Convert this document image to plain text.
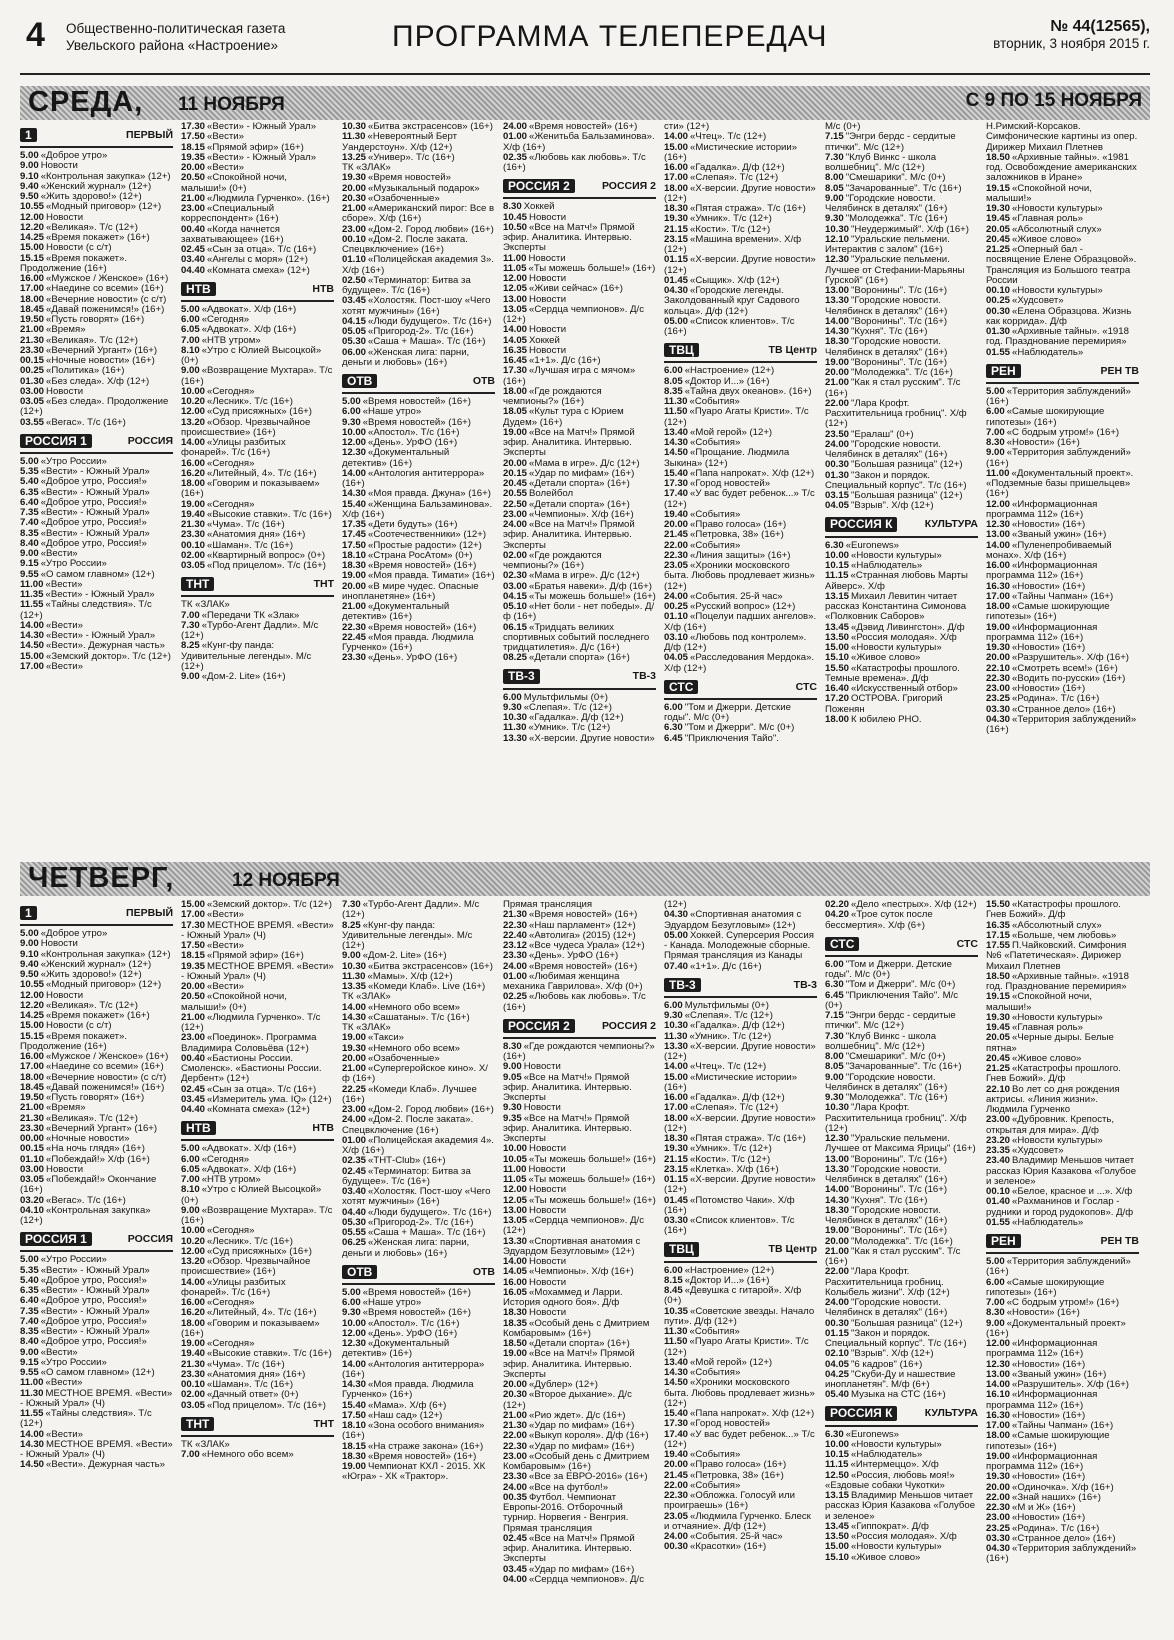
4 Общественно-политическая газета Увельского района «Настроение»	ПРОГРАММА ТЕЛЕПЕРЕДАЧ	№ 44(12565),
вторник, 3 ноября 2015 г.
СРЕДА, 11 НОЯБРЯ	С 9 ПО 15 НОЯБРЯ
1	ПЕРВЫЙ

5.00 «Доброе утро»

9.00 Новости

9.10 «Контрольная закупка» (12+)

9.40 «Женский журнал» (12+)

9.50 «Жить здорово!» (12+)

10.55 «Модный приговор» (12+)

12.00 Новости

12.20 «Великая». Т/с (12+)

14.25 «Время покажет» (16+)

15.00 Новости (с с/т)

15.15 «Время покажет». Продолжение (16+)

16.00 «Мужское / Женское» (16+)

17.00 «Наедине со всеми» (16+)

18.00 «Вечерние новости» (с с/т)

18.45 «Давай поженимся!» (16+)

19.50 «Пусть говорят» (16+)

21.00 «Время»

21.30 «Великая». Т/с (12+)

23.30 «Вечерний Ургант» (16+)

00.15 «Ночные новости» (16+)

00.25 «Политика» (16+)

01.30 «Без следа». Х/ф (12+)

03.00 Новости

03.05 «Без следа». Продолжение (12+)

03.55 «Вегас». Т/с (16+)

РОССИЯ 1	РОССИЯ

5.00 «Утро России»

5.35 «Вести» - Южный Урал»

5.40 «Доброе утро, Россия!»

6.35 «Вести» - Южный Урал»

6.40 «Доброе утро, Россия!»

7.35 «Вести» - Южный Урал»

7.40 «Доброе утро, Россия!»

8.35 «Вести» - Южный Урал»

8.40 «Доброе утро, Россия!»

9.00 «Вести»

9.15 «Утро России»

9.55 «О самом главном» (12+)

11.00 «Вести»

11.35 «Вести» - Южный Урал»

11.55 «Тайны следствия». Т/с (12+)

14.00 «Вести»

14.30 «Вести» - Южный Урал»

14.50 «Вести». Дежурная часть»

15.00 «Земский доктор». Т/с (12+)

17.00 «Вести»

17.30 «Вести» - Южный Урал»

17.50 «Вести»

18.15 «Прямой эфир» (16+)

19.35 «Вести» - Южный Урал»

20.00 «Вести»

20.50 «Спокойной ночи, малыши!» (0+)

21.00 «Людмила Гурченко». (16+)

23.00 «Специальный корреспондент» (16+)

00.40 «Когда начнется захватывающее» (16+)

02.45 «Сын за отца». Т/с (16+)

03.40 «Ангелы с моря» (12+)

04.40 «Комната смеха» (12+)

НТВ	НТВ

5.00 «Адвокат». Х/ф (16+)

6.00 «Сегодня»

6.05 «Адвокат». Х/ф (16+)

7.00 «НТВ утром»

8.10 «Утро с Юлией Высоцкой» (0+)

9.00 «Возвращение Мухтара». Т/с (16+)

10.00 «Сегодня»

10.20 «Лесник». Т/с (16+)

12.00 «Суд присяжных» (16+)

13.20 «Обзор. Чрезвычайное происшествие» (16+)

14.00 «Улицы разбитых фонарей». Т/с (16+)

16.00 «Сегодня»

16.20 «Литейный, 4». Т/с (16+)

18.00 «Говорим и показываем» (16+)

19.00 «Сегодня»

19.40 «Высокие ставки». Т/с (16+)

21.30 «Чума». Т/с (16+)

23.30 «Анатомия дня» (16+)

00.10 «Шаман». Т/с (16+)

02.00 «Квартирный вопрос» (0+)

03.05 «Под прицелом». Т/с (16+)

ТНТ	ТНТ

ТК «ЗЛАК»

7.00 «Передачи ТК «Злак»

7.30 «Турбо-Агент Дадли». М/с (12+)

8.25 «Кунг-фу панда: Удивительные легенды». М/с (12+)

9.00 «Дом-2. Lite» (16+)

10.30 «Битва экстрасенсов» (16+)

11.30 «Невероятный Берт Уандерстоун». Х/ф (12+)

13.25 «Универ». Т/с (16+)

ТК «ЗЛАК»

19.30 «Время новостей»

20.00 «Музыкальный подарок»

20.30 «Озабоченные»

21.00 «Американский пирог: Все в сборе». Х/ф (16+)

23.00 «Дом-2. Город любви» (16+)

00.10 «Дом-2. После заката. Спецвключение» (16+)

01.10 «Полицейская академия 3». Х/ф (16+)

02.50 «Терминатор: Битва за будущее». Т/с (16+)

03.45 «Холостяк. Пост-шоу «Чего хотят мужчины» (16+)

04.15 «Люди будущего». Т/с (16+)

05.05 «Пригород-2». Т/с (16+)

05.30 «Саша + Маша». Т/с (16+)

06.00 «Женская лига: парни, деньги и любовь» (16+)

ОТВ	ОТВ

5.00 «Время новостей» (16+)

6.00 «Наше утро»

9.30 «Время новостей» (16+)

10.00 «Апостол». Т/с (16+)

12.00 «День». УрФО (16+)

12.30 «Документальный детектив» (16+)

14.00 «Антология антитеррора» (16+)

14.30 «Моя правда. Джуна» (16+)

15.40 «Женщина Бальзаминова». Х/ф (16+)

17.35 «Дети будуть» (16+)

17.45 «Соотечественники» (12+)

17.50 «Простые радости» (12+)

18.10 «Страна РосАтом» (0+)

18.30 «Время новостей» (16+)

19.00 «Моя правда. Тимати» (16+)

20.00 «В мире чудес. Опасные инопланетяне» (16+)

21.00 «Документальный детектив» (16+)

22.30 «Время новостей» (16+)

22.45 «Моя правда. Людмила Гурченко» (16+)

23.30 «День». УрФО (16+)

24.00 «Время новостей» (16+)

01.00 «Женитьба Бальзаминова». Х/ф (16+)

02.35 «Любовь как любовь». Т/с (16+)

РОССИЯ 2	РОССИЯ 2

8.30 Хоккей

10.45 Новости

10.50 «Все на Матч!» Прямой эфир. Аналитика. Интервью. Эксперты

11.00 Новости

11.05 «Ты можешь больше!» (16+)

12.00 Новости

12.05 «Живи сейчас» (16+)

13.00 Новости

13.05 «Сердца чемпионов». Д/с (12+)

14.00 Новости

14.05 Хоккей

16.35 Новости

16.45 «1+1». Д/с (16+)

17.30 «Лучшая игра с мячом» (16+)

18.00 «Где рождаются чемпионы?» (16+)

18.05 «Культ тура с Юрием Дудем» (16+)

19.00 «Все на Матч!» Прямой эфир. Аналитика. Интервью. Эксперты

20.00 «Мама в игре». Д/с (12+)

20.15 «Удар по мифам» (16+)

20.45 «Детали спорта» (16+)

20.55 Волейбол

22.50 «Детали спорта» (16+)

23.00 «Чемпионы». Х/ф (16+)

24.00 «Все на Матч!» Прямой эфир. Аналитика. Интервью. Эксперты

02.00 «Где рождаются чемпионы?» (16+)

02.30 «Мама в игре». Д/с (12+)

03.00 «Братья навеки». Д/ф (16+)

04.15 «Ты можешь больше!» (16+)

05.10 «Нет боли - нет победы». Д/ф (16+)

06.15 «Тридцать великих спортивных событий последнего тридцатилетия». Д/с (16+)

08.25 «Детали спорта» (16+)

ТВ-3	ТВ-3

6.00 Мультфильмы (0+)

9.30 «Слепая». Т/с (12+)

10.30 «Гадалка». Д/ф (12+)

11.30 «Умник». Т/с (12+)

13.30 «X-версии. Другие новости»

сти» (12+)

14.00 «Чтец». Т/с (12+)

15.00 «Мистические истории» (16+)

16.00 «Гадалка». Д/ф (12+)

17.00 «Слепая». Т/с (12+)

18.00 «X-версии. Другие новости» (12+)

18.30 «Пятая стража». Т/с (16+)

19.30 «Умник». Т/с (12+)

21.15 «Кости». Т/с (12+)

23.15 «Машина времени». Х/ф (12+)

01.15 «X-версии. Другие новости» (12+)

01.45 «Сыщик». Х/ф (12+)

04.30 «Городские легенды. Заколдованный круг Садового кольца». Д/ф (12+)

05.00 «Список клиентов». Т/с (16+)

ТВЦ	ТВ Центр

6.00 «Настроение» (12+)

8.05 «Доктор И...» (16+)

8.35 «Тайна двух океанов». (16+)

11.30 «События»

11.50 «Пуаро Агаты Кристи». Т/с (12+)

13.40 «Мой герой» (12+)

14.30 «События»

14.50 «Прощание. Людмила Зыкина» (12+)

15.40 «Папа напрокат». Х/ф (12+)

17.30 «Город новостей»

17.40 «У вас будет ребенок...» Т/с (12+)

19.40 «События»

20.00 «Право голоса» (16+)

21.45 «Петровка, 38» (16+)

22.00 «События»

22.30 «Линия защиты» (16+)

23.05 «Хроники московского быта. Любовь продлевает жизнь» (12+)

24.00 «События. 25-й час»

00.25 «Русский вопрос» (12+)

01.10 «Поцелуи падших ангелов». Х/ф (16+)

03.10 «Любовь под контролем». Д/ф (12+)

04.05 «Расследования Мердока». Х/ф (12+)

СТС	СТС

6.00 "Том и Джерри. Детские годы". М/с (0+)

6.30 "Том и Джерри". М/с (0+)

6.45 "Приключения Тайо".

М/с (0+)

7.15 "Энгри бердс - сердитые птички". М/с (12+)

7.30 "Клуб Винкс - школа волшебниц". М/с (12+)

8.00 "Смешарики". М/с (0+)

8.05 "Зачарованные". Т/с (16+)

9.00 "Городские новости. Челябинск в деталях" (16+)

9.30 "Молодежка". Т/с (16+)

10.30 "Неудержимый". Х/ф (16+)

12.10 "Уральские пельмени. Интерактив с залом" (16+)

12.30 "Уральские пельмени. Лучшее от Стефании-Марьяны Гурской" (16+)

13.00 "Воронины". Т/с (16+)

13.30 "Городские новости. Челябинск в деталях" (16+)

14.00 "Воронины". Т/с (16+)

14.30 "Кухня". Т/с (16+)

18.30 "Городские новости. Челябинск в деталях" (16+)

19.00 "Воронины". Т/с (16+)

20.00 "Молодежка". Т/с (16+)

21.00 "Как я стал русским". Т/с (16+)

22.00 "Лара Крофт. Расхитительница гробниц". Х/ф (12+)

23.50 "Ералаш" (0+)

24.00 "Городские новости. Челябинск в деталях" (16+)

00.30 "Большая разница" (12+)

01.30 "Закон и порядок. Специальный корпус". Т/с (16+)

03.15 "Большая разница" (12+)

04.05 "Взрыв". Х/ф (12+)

РОССИЯ К	КУЛЬТУРА

6.30 «Euronews»

10.00 «Новости культуры»

10.15 «Наблюдатель»

11.15 «Странная любовь Марты Айверс». Х/ф

13.15 Михаил Левитин читает рассказ Константина Симонова «Полковник Саборов»

13.45 «Дэвид Ливингстон». Д/ф

13.50 «Россия молодая». Х/ф

15.00 «Новости культуры»

15.10 «Живое слово»

15.50 «Катастрофы прошлого. Темные времена». Д/ф

16.40 «Искусственный отбор»

17.20 ОСТРОВА. Григорий Поженян

18.00 К юбилею РНО.

Н.Римский-Корсаков. Симфонические картины из опер. Дирижер Михаил Плетнев

18.50 «Архивные тайны». «1981 год. Освобождение американских заложников в Иране»

19.15 «Спокойной ночи, малыши!»

19.30 «Новости культуры»

19.45 «Главная роль»

20.05 «Абсолютный слух»

20.45 «Живое слово»

21.25 «Оперный бал - посвящение Елене Образцовой». Трансляция из Большого театра России

00.10 «Новости культуры»

00.25 «Худсовет»

00.30 «Елена Образцова. Жизнь как коррида». Д/ф

01.30 «Архивные тайны». «1918 год. Празднование перемирия»

01.55 «Наблюдатель»

РЕН	РЕН ТВ

5.00 «Территория заблуждений» (16+)

6.00 «Самые шокирующие гипотезы» (16+)

7.00 «С бодрым утром!» (16+)

8.30 «Новости» (16+)

9.00 «Территория заблуждений» (16+)

11.00 «Документальный проект». «Подземные базы пришельцев» (16+)

12.00 «Информационная программа 112» (16+)

12.30 «Новости» (16+)

13.00 «Званый ужин» (16+)

14.00 «Пуленепробиваемый монах». Х/ф (16+)

16.00 «Информационная программа 112» (16+)

16.30 «Новости» (16+)

17.00 «Тайны Чапман» (16+)

18.00 «Самые шокирующие гипотезы» (16+)

19.00 «Информационная программа 112» (16+)

19.30 «Новости» (16+)

20.00 «Разрушитель». Х/ф (16+)

22.10 «Смотреть всем!» (16+)

22.30 «Водить по-русски» (16+)

23.00 «Новости» (16+)

23.25 «Родина». Т/с (16+)

03.30 «Странное дело» (16+)

04.30 «Территория заблуждений» (16+)

ЧЕТВЕРГ,	12 НОЯБРЯ
1	ПЕРВЫЙ

5.00 «Доброе утро»

9.00 Новости

9.10 «Контрольная закупка» (12+)

9.40 «Женский журнал» (12+)

9.50 «Жить здорово!» (12+)

10.55 «Модный приговор» (12+)

12.00 Новости

12.20 «Великая». Т/с (12+)

14.25 «Время покажет» (16+)

15.00 Новости (с с/т)

15.15 «Время покажет». Продолжение (16+)

16.00 «Мужское / Женское» (16+)

17.00 «Наедине со всеми» (16+)

18.00 «Вечерние новости» (с с/т)

18.45 «Давай поженимся!» (16+)

19.50 «Пусть говорят» (16+)

21.00 «Время»

21.30 «Великая». Т/с (12+)

23.30 «Вечерний Ургант» (16+)

00.00 «Ночные новости»

00.15 «На ночь глядя» (16+)

01.10 «Побеждай!» Х/ф (16+)

03.00 Новости

03.05 «Побеждай!» Окончание (16+)

03.20 «Вегас». Т/с (16+)

04.10 «Контрольная закупка» (12+)

РОССИЯ 1	РОССИЯ

5.00 «Утро России»

5.35 «Вести» - Южный Урал»

5.40 «Доброе утро, Россия!»

6.35 «Вести» - Южный Урал»

6.40 «Доброе утро, Россия!»

7.35 «Вести» - Южный Урал»

7.40 «Доброе утро, Россия!»

8.35 «Вести» - Южный Урал»

8.40 «Доброе утро, Россия!»

9.00 «Вести»

9.15 «Утро России»

9.55 «О самом главном» (12+)

11.00 «Вести»

11.30 МЕСТНОЕ ВРЕМЯ. «Вести» - Южный Урал» (Ч)

11.55 «Тайны следствия». Т/с (12+)

14.00 «Вести»

14.30 МЕСТНОЕ ВРЕМЯ. «Вести» - Южный Урал» (Ч)

14.50 «Вести». Дежурная часть»

15.00 «Земский доктор». Т/с (12+)

17.00 «Вести»

17.30 МЕСТНОЕ ВРЕМЯ. «Вести» - Южный Урал» (Ч)

17.50 «Вести»

18.15 «Прямой эфир» (16+)

19.35 МЕСТНОЕ ВРЕМЯ. «Вести» - Южный Урал» (Ч)

20.00 «Вести»

20.50 «Спокойной ночи, малыши!» (0+)

21.00 «Людмила Гурченко». Т/с (12+)

23.00 «Поединок». Программа Владимира Соловьёва (12+)

00.40 «Бастионы России. Смоленск». «Бастионы России. Дербент» (12+)

02.45 «Сын за отца». Т/с (16+)

03.45 «Измеритель ума. IQ» (12+)

04.40 «Комната смеха» (12+)

НТВ	НТВ

5.00 «Адвокат». Х/ф (16+)

6.00 «Сегодня»

6.05 «Адвокат». Х/ф (16+)

7.00 «НТВ утром»

8.10 «Утро с Юлией Высоцкой» (0+)

9.00 «Возвращение Мухтара». Т/с (16+)

10.00 «Сегодня»

10.20 «Лесник». Т/с (16+)

12.00 «Суд присяжных» (16+)

13.20 «Обзор. Чрезвычайное происшествие» (16+)

14.00 «Улицы разбитых фонарей». Т/с (16+)

16.00 «Сегодня»

16.20 «Литейный, 4». Т/с (16+)

18.00 «Говорим и показываем» (16+)

19.00 «Сегодня»

19.40 «Высокие ставки». Т/с (16+)

21.30 «Чума». Т/с (16+)

23.30 «Анатомия дня» (16+)

00.10 «Шаман». Т/с (16+)

02.00 «Дачный ответ» (0+)

03.05 «Под прицелом». Т/с (16+)

ТНТ	ТНТ

ТК «ЗЛАК»

7.00 «Немного обо всем»

7.30 «Турбо-Агент Дадли». М/с (12+)

8.25 «Кунг-фу панда: Удивительные легенды». М/с (12+)

9.00 «Дом-2. Lite» (16+)

10.30 «Битва экстрасенсов» (16+)

11.30 «Мамы». Х/ф (12+)

13.35 «Комеди Клаб». Live (16+)

ТК «ЗЛАК»

14.00 «Немного обо всем»

14.30 «Сашатаны». Т/с (16+)

ТК «ЗЛАК»

19.00 «Такси»

19.30 «Немного обо всем»

20.00 «Озабоченные»

21.00 «Супергеройское кино». Х/ф (16+)

22.25 «Комеди Клаб». Лучшее (16+)

23.00 «Дом-2. Город любви» (16+)

24.00 «Дом-2. После заката». Спецвключение (16+)

01.00 «Полицейская академия 4». Х/ф (16+)

02.35 «ТНТ-Club» (16+)

02.45 «Терминатор: Битва за будущее». Т/с (16+)

03.40 «Холостяк. Пост-шоу «Чего хотят мужчины» (16+)

04.40 «Люди будущего». Т/с (16+)

05.30 «Пригород-2». Т/с (16+)

05.55 «Саша + Маша». Т/с (16+)

06.25 «Женская лига: парни, деньги и любовь» (16+)

ОТВ	ОТВ

5.00 «Время новостей» (16+)

6.00 «Наше утро»

9.30 «Время новостей» (16+)

10.00 «Апостол». Т/с (16+)

12.00 «День». УрФО (16+)

12.30 «Документальный детектив» (16+)

14.00 «Антология антитеррора» (16+)

14.30 «Моя правда. Людмила Гурченко» (16+)

15.40 «Мама». Х/ф (6+)

17.50 «Наш сад» (12+)

18.10 «Зона особого внимания» (16+)

18.15 «На страже закона» (16+)

18.30 «Время новостей» (16+)

19.00 Чемпионат КХЛ - 2015. ХК «Югра» - ХК «Трактор».

Прямая трансляция

21.30 «Время новостей» (16+)

22.30 «Наш парламент» (12+)

22.40 «Автолига» (2015) (12+)

23.12 «Все чудеса Урала» (12+)

23.30 «День». УрФО (16+)

24.00 «Время новостей» (16+)

01.00 «Любимая женщина механика Гаврилова». Х/ф (0+)

02.25 «Любовь как любовь». Т/с (16+)

РОССИЯ 2	РОССИЯ 2

8.30 «Где рождаются чемпионы?» (16+)

9.00 Новости

9.05 «Все на Матч!» Прямой эфир. Аналитика. Интервью. Эксперты

9.30 Новости

9.35 «Все на Матч!» Прямой эфир. Аналитика. Интервью. Эксперты

10.00 Новости

10.05 «Ты можешь больше!» (16+)

11.00 Новости

11.05 «Ты можешь больше!» (16+)

12.00 Новости

12.05 «Ты можешь больше!» (16+)

13.00 Новости

13.05 «Сердца чемпионов». Д/с (12+)

13.30 «Спортивная анатомия с Эдуардом Безугловым» (12+)

14.00 Новости

14.05 «Чемпионы». Х/ф (16+)

16.00 Новости

16.05 «Мохаммед и Ларри. История одного боя». Д/ф

18.30 Новости

18.35 «Особый день с Дмитрием Комбаровым» (16+)

18.50 «Детали спорта» (16+)

19.00 «Все на Матч!» Прямой эфир. Аналитика. Интервью. Эксперты

20.00 «Дублер» (12+)

20.30 «Второе дыхание». Д/с (12+)

21.00 «Рио ждет». Д/с (16+)

21.30 «Удар по мифам» (16+)

22.00 «Выкуп короля». Д/ф (16+)

22.30 «Удар по мифам» (16+)

23.00 «Особый день с Дмитрием Комбаровым» (16+)

23.30 «Все за ЕВРО-2016» (16+)

24.00 «Все на футбол!»

00.35 Футбол. Чемпионат Европы-2016. Отборочный турнир. Норвегия - Венгрия. Прямая трансляция

02.45 «Все на Матч!» Прямой эфир. Аналитика. Интервью. Эксперты

03.45 «Удар по мифам» (16+)

04.00 «Сердца чемпионов». Д/с

(12+)

04.30 «Спортивная анатомия с Эдуардом Безугловым» (12+)

05.00 Хоккей. Суперсерия Россия - Канада. Молодежные сборные. Прямая трансляция из Канады

07.40 «1+1». Д/с (16+)

ТВ-3	ТВ-3

6.00 Мультфильмы (0+)

9.30 «Слепая». Т/с (12+)

10.30 «Гадалка». Д/ф (12+)

11.30 «Умник». Т/с (12+)

13.30 «X-версии. Другие новости» (12+)

14.00 «Чтец». Т/с (12+)

15.00 «Мистические истории» (16+)

16.00 «Гадалка». Д/ф (12+)

17.00 «Слепая». Т/с (12+)

18.00 «X-версии. Другие новости» (12+)

18.30 «Пятая стража». Т/с (16+)

19.30 «Умник». Т/с (12+)

21.15 «Кости». Т/с (12+)

23.15 «Клетка». Х/ф (16+)

01.15 «X-версии. Другие новости» (12+)

01.45 «Потомство Чаки». Х/ф (16+)

03.30 «Список клиентов». Т/с (16+)

ТВЦ	ТВ Центр

6.00 «Настроение» (12+)

8.15 «Доктор И...» (16+)

8.45 «Девушка с гитарой». Х/ф (0+)

10.35 «Советские звезды. Начало пути». Д/ф (12+)

11.30 «События»

11.50 «Пуаро Агаты Кристи». Т/с (12+)

13.40 «Мой герой» (12+)

14.30 «События»

14.50 «Хроники московского быта. Любовь продлевает жизнь» (12+)

15.40 «Папа напрокат». Х/ф (12+)

17.30 «Город новостей»

17.40 «У вас будет ребенок...» Т/с (12+)

19.40 «События»

20.00 «Право голоса» (16+)

21.45 «Петровка, 38» (16+)

22.00 «События»

22.30 «Обложка. Голосуй или проиграешь» (16+)

23.05 «Людмила Гурченко. Блеск и отчаяние». Д/ф (12+)

24.00 «События. 25-й час»

00.30 «Красотки» (16+)

02.20 «Дело «пестрых». Х/ф (12+)

04.20 «Трое суток после бессмертия». Х/ф (6+)

СТС	СТС

6.00 "Том и Джерри. Детские годы". М/с (0+)

6.30 "Том и Джерри". М/с (0+)

6.45 "Приключения Тайо". М/с (0+)

7.15 "Энгри бердс - сердитые птички". М/с (12+)

7.30 "Клуб Винкс - школа волшебниц". М/с (12+)

8.00 "Смешарики". М/с (0+)

8.05 "Зачарованные". Т/с (16+)

9.00 "Городские новости. Челябинск в деталях" (16+)

9.30 "Молодежка". Т/с (16+)

10.30 "Лара Крофт. Расхитительница гробниц". Х/ф (12+)

12.30 "Уральские пельмени. Лучшее от Максима Ярицы" (16+)

13.00 "Воронины". Т/с (16+)

13.30 "Городские новости. Челябинск в деталях" (16+)

14.00 "Воронины". Т/с (16+)

14.30 "Кухня". Т/с (16+)

18.30 "Городские новости. Челябинск в деталях" (16+)

19.00 "Воронины". Т/с (16+)

20.00 "Молодежка". Т/с (16+)

21.00 "Как я стал русским". Т/с (16+)

22.00 "Лара Крофт. Расхитительница гробниц. Колыбель жизни". Х/ф (12+)

24.00 "Городские новости. Челябинск в деталях" (16+)

00.30 "Большая разница" (12+)

01.15 "Закон и порядок. Специальный корпус". Т/с (16+)

02.10 "Взрыв". Х/ф (12+)

04.05 "6 кадров" (16+)

04.25 "Скуби-Ду и нашествие инопланетян". М/ф (6+)

05.40 Музыка на СТС (16+)

РОССИЯ К	КУЛЬТУРА

6.30 «Euronews»

10.00 «Новости культуры»

10.15 «Наблюдатель»

11.15 «Интермеццо». Х/ф

12.50 «Россия, любовь моя!» «Ездовые собаки Чукотки»

13.15 Владимир Меньшов читает рассказ Юрия Казакова «Голубое и зеленое»

13.45 «Гиппократ». Д/ф

13.50 «Россия молодая». Х/ф

15.00 «Новости культуры»

15.10 «Живое слово»

15.50 «Катастрофы прошлого. Гнев Божий». Д/ф

16.35 «Абсолютный слух»

17.15 «Больше, чем любовь»

17.55 П.Чайковский. Симфония №6 «Патетическая». Дирижер Михаил Плетнев

18.50 «Архивные тайны». «1918 год. Празднование перемирия»

19.15 «Спокойной ночи, малыши!»

19.30 «Новости культуры»

19.45 «Главная роль»

20.05 «Черные дыры. Белые пятна»

20.45 «Живое слово»

21.25 «Катастрофы прошлого. Гнев Божий». Д/ф

22.10 Во лет со дня рождения актрисы. «Линия жизни». Людмила Гурченко

23.00 «Дубровник. Крепость, открытая для мира». Д/ф

23.20 «Новости культуры»

23.35 «Худсовет»

23.40 Владимир Меньшов читает рассказ Юрия Казакова «Голубое и зеленое»

00.10 «Белое, красное и ...». Х/ф

01.40 «Рахманинов и Гослар - рудники и город рудокопов». Д/ф

01.55 «Наблюдатель»

РЕН	РЕН ТВ

5.00 «Территория заблуждений» (16+)

6.00 «Самые шокирующие гипотезы» (16+)

7.00 «С бодрым утром!» (16+)

8.30 «Новости» (16+)

9.00 «Документальный проект» (16+)

12.00 «Информационная программа 112» (16+)

12.30 «Новости» (16+)

13.00 «Званый ужин» (16+)

14.00 «Разрушитель». Х/ф (16+)

16.10 «Информационная программа 112» (16+)

16.30 «Новости» (16+)

17.00 «Тайны Чапман» (16+)

18.00 «Самые шокирующие гипотезы» (16+)

19.00 «Информационная программа 112» (16+)

19.30 «Новости» (16+)

20.00 «Одиночка». Х/ф (16+)

22.00 «Знай наших» (16+)

22.30 «М и Ж» (16+)

23.00 «Новости» (16+)

23.25 «Родина». Т/с (16+)

03.30 «Странное дело» (16+)

04.30 «Территория заблуждений» (16+)
